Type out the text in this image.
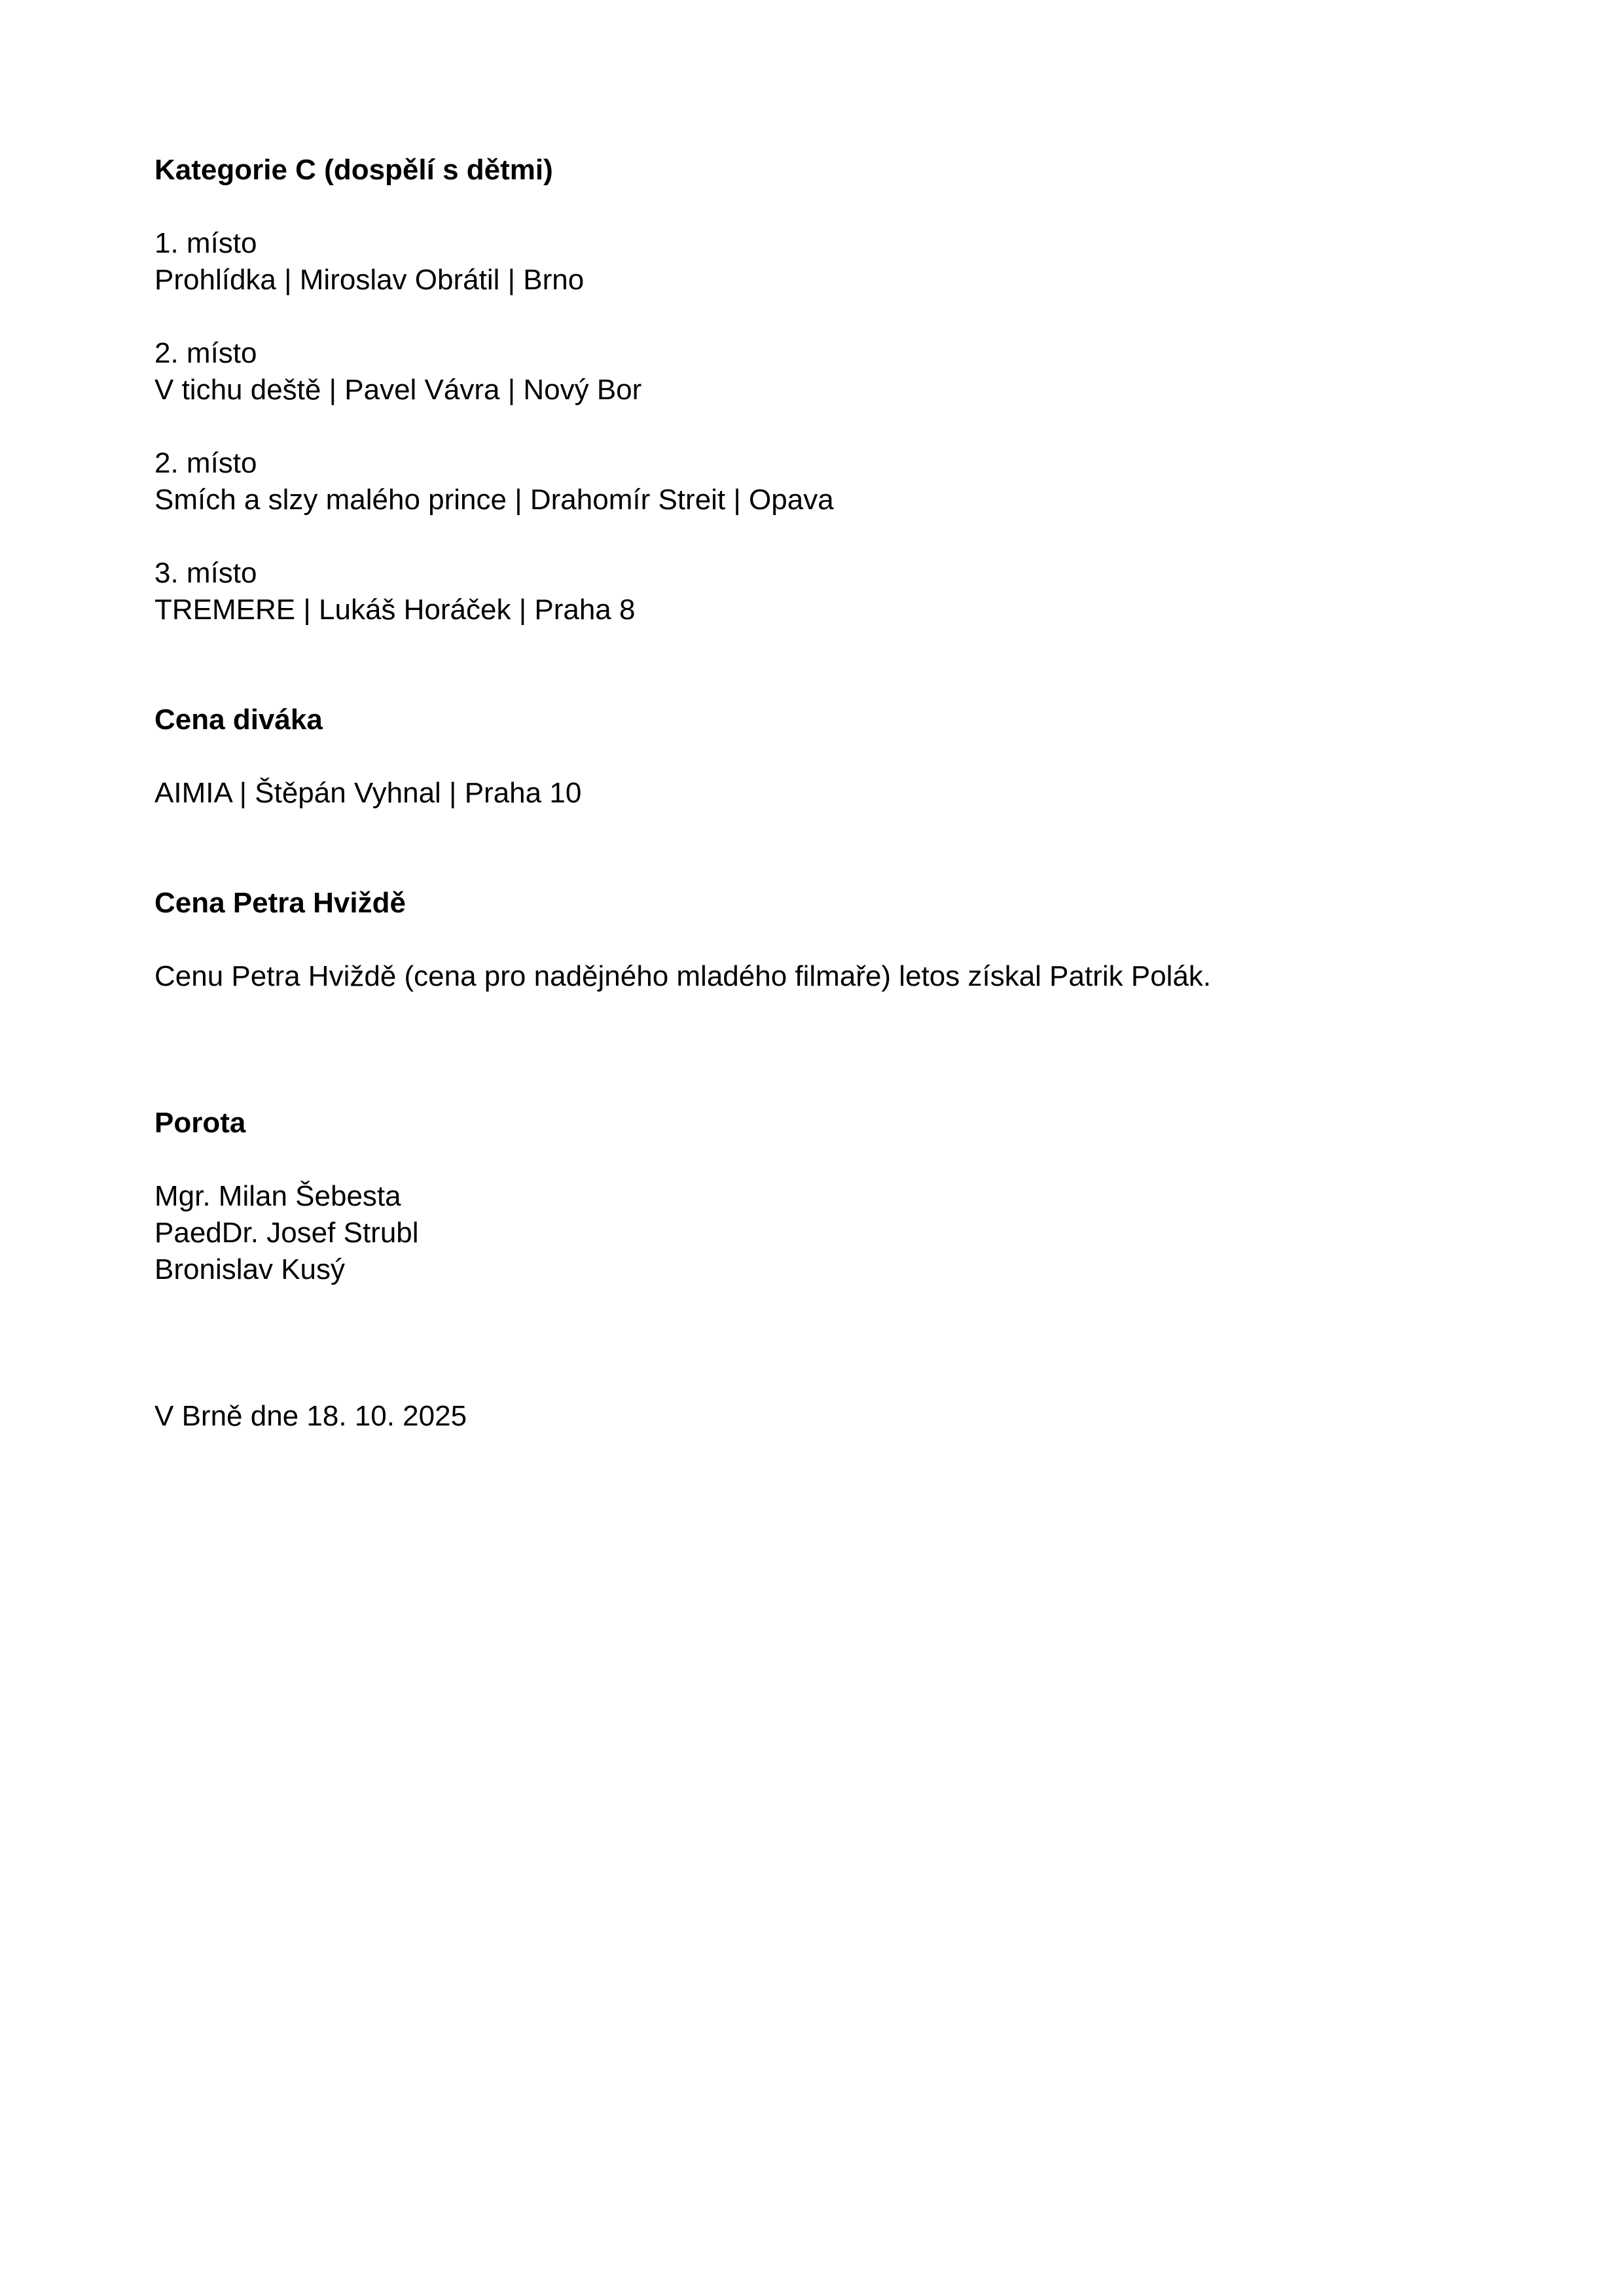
Kategorie C (dospělí s dětmi)

1. místo

Prohlídka | Miroslav Obrátil | Brno

2. místo

V tichu deště | Pavel Vávra | Nový Bor

2. místo

Smích a slzy malého prince | Drahomír Streit | Opava

3. místo

TREMERE | Lukáš Horáček | Praha 8

Cena diváka

AIMIA | Štěpán Vyhnal | Praha 10

Cena Petra Hviždě

Cenu Petra Hviždě (cena pro nadějného mladého filmaře) letos získal Patrik Polák.

Porota

Mgr. Milan Šebesta

PaedDr. Josef Strubl

Bronislav Kusý

V Brně dne 18. 10. 2025
